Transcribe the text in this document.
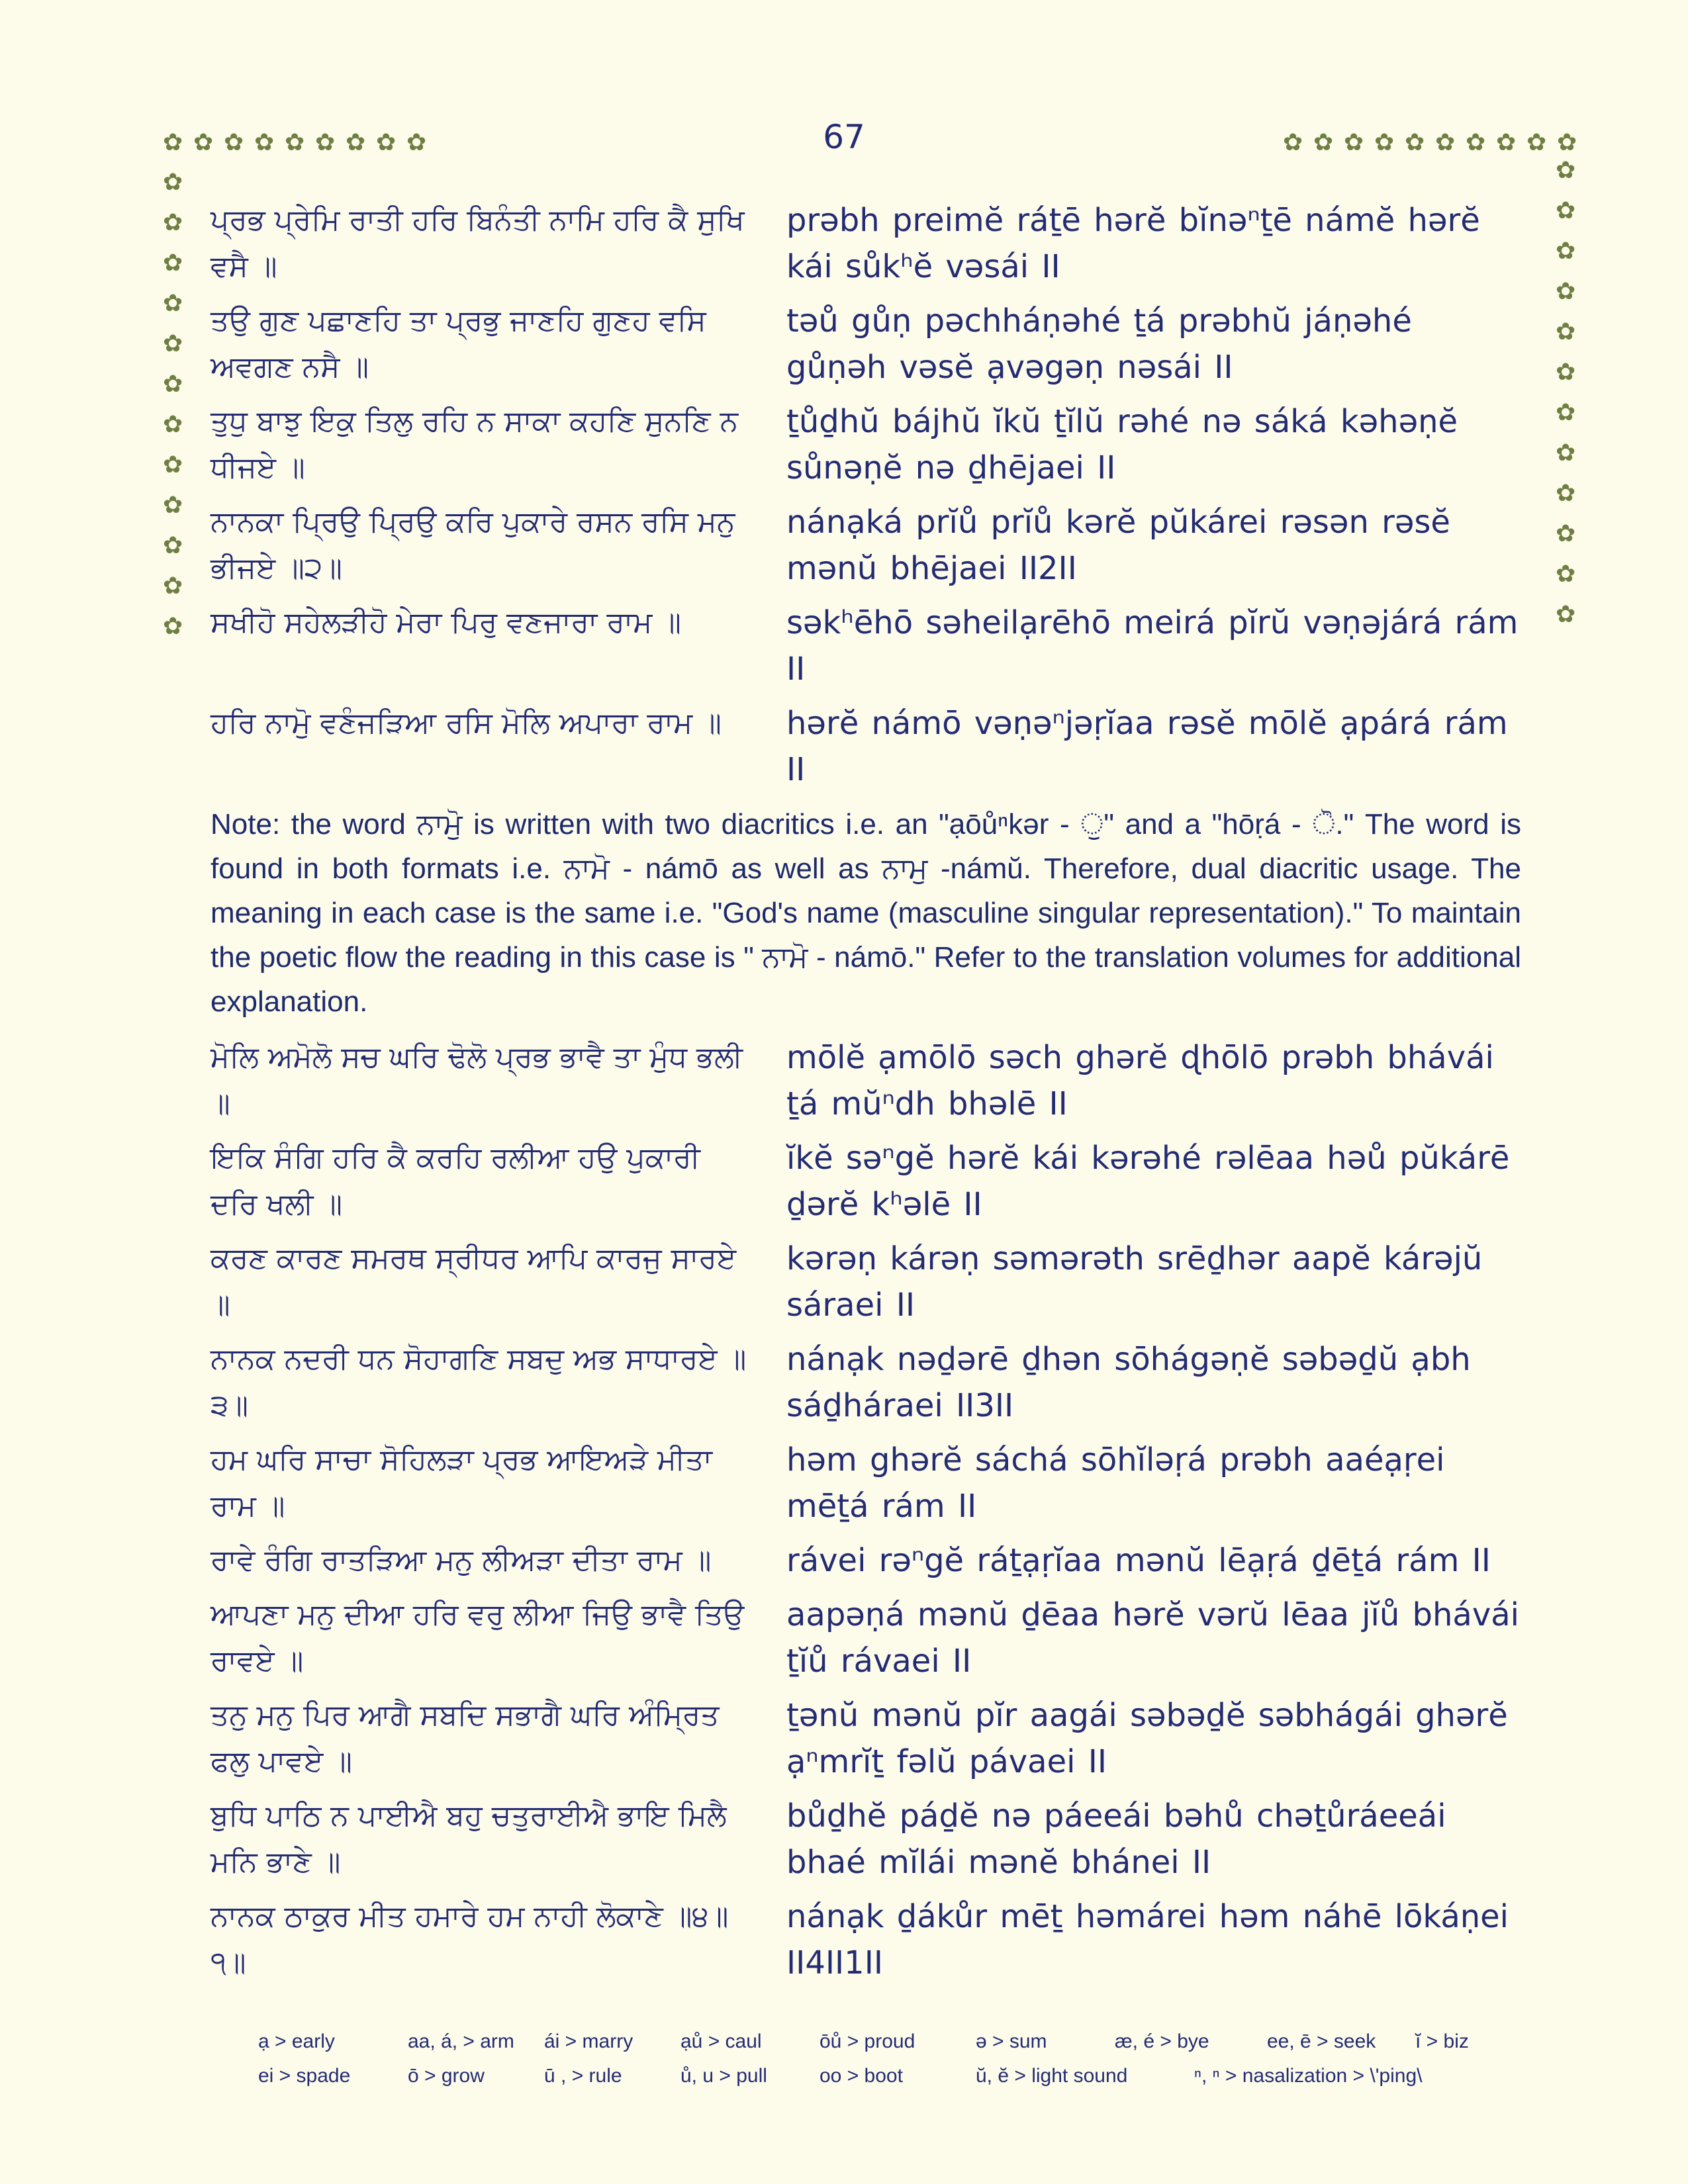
67
✿
✿
✿
✿
✿
✿
✿
✿
✿
✿
✿
✿
✿
✿
✿
✿
✿
✿
✿
✿
✿
✿
✿
✿
✿
✿
✿
✿
✿
✿
✿
✿
✿
✿
✿
✿
✿
✿
✿
✿
✿
✿
✿
ਪ੍ਰਭ ਪ੍ਰੇਮਿ ਰਾਤੀ ਹਰਿ ਬਿਨੰਤੀ ਨਾਮਿ ਹਰਿ ਕੈ ਸੁਖਿ ਵਸੈ ॥
prəbh preimĕ ráṯē hərĕ bĭnəⁿṯē námĕ hərĕ kái sůkʰĕ vəsái II
ਤਉ ਗੁਣ ਪਛਾਣਹਿ ਤਾ ਪ੍ਰਭੁ ਜਾਣਹਿ ਗੁਣਹ ਵਸਿ ਅਵਗਣ ਨਸੈ ॥
təů gůṇ pəchháṇəhé ṯá prəbhŭ jáṇəhé gůṇəh vəsĕ ạvəgəṇ nəsái II
ਤੁਧੁ ਬਾਝੁ ਇਕੁ ਤਿਲੁ ਰਹਿ ਨ ਸਾਕਾ ਕਹਣਿ ਸੁਨਣਿ ਨ ਧੀਜਏ ॥
ṯůḏhŭ bájhŭ ĭkŭ ṯĭlŭ rəhé nə sáká kəhəṇĕ sůnəṇĕ nə ḏhējaei II
ਨਾਨਕਾ ਪ੍ਰਿਉ ਪ੍ਰਿਉ ਕਰਿ ਪੁਕਾਰੇ ਰਸਨ ਰਸਿ ਮਨੁ ਭੀਜਏ ॥੨॥
nánạká prĭů prĭů kərĕ pŭkárei rəsən rəsĕ mənŭ bhējaei II2II
ਸਖੀਹੋ ਸਹੇਲੜੀਹੋ ਮੇਰਾ ਪਿਰੁ ਵਣਜਾਰਾ ਰਾਮ ॥	səkʰēhō səheilạrēhō meirá pĭrŭ vəṇəjárá rám II
ਹਰਿ ਨਾਮੋੁ ਵਣੰਜੜਿਆ ਰਸਿ ਮੋਲਿ ਅਪਾਰਾ ਰਾਮ ॥	hərĕ námō vəṇəⁿjəṛĭaa rəsĕ mōlĕ ạpárá rám II
Note: the word ਨਾਮੋੁ is written with two diacritics i.e. an "ạōůⁿkər - ੁ" and a "hōṛá - ੋ." The word is found in both formats i.e. ਨਾਮੋ - námō as well as ਨਾਮੁ -námŭ. Therefore, dual diacritic usage. The meaning in each case is the same i.e. "God's name (masculine singular representation)." To maintain the poetic flow the reading in this case is " ਨਾਮੋ - námō." Refer to the translation volumes for additional explanation.
ਮੋਲਿ ਅਮੋਲੋ ਸਚ ਘਰਿ ਢੋਲੋ ਪ੍ਰਭ ਭਾਵੈ ਤਾ ਮੁੰਧ ਭਲੀ ॥
mōlĕ ạmōlō səch ghərĕ ɖhōlō prəbh bhávái ṯá mŭⁿdh bhəlē II
ਇਕਿ ਸੰਗਿ ਹਰਿ ਕੈ ਕਰਹਿ ਰਲੀਆ ਹਉ ਪੁਕਾਰੀ ਦਰਿ ਖਲੀ ॥
ĭkĕ səⁿgĕ hərĕ kái kərəhé rəlēaa həů pŭkárē ḏərĕ kʰəlē II
ਕਰਣ ਕਾਰਣ ਸਮਰਥ ਸ੍ਰੀਧਰ ਆਪਿ ਕਾਰਜੁ ਸਾਰਏ ॥
kərəṇ kárəṇ səmərəth srēḏhər aapĕ kárəjŭ sáraei II
ਨਾਨਕ ਨਦਰੀ ਧਨ ਸੋਹਾਗਣਿ ਸਬਦੁ ਅਭ ਸਾਧਾਰਏ ॥੩॥
nánạk nəḏərē ḏhən sōhágəṇĕ səbəḏŭ ạbh sáḏháraei II3II
ਹਮ ਘਰਿ ਸਾਚਾ ਸੋਹਿਲੜਾ ਪ੍ਰਭ ਆਇਅੜੇ ਮੀਤਾ ਰਾਮ ॥
həm ghərĕ sáchá sōhĭləṛá prəbh aaéạṛei mēṯá rám II
ਰਾਵੇ ਰੰਗਿ ਰਾਤੜਿਆ ਮਨੁ ਲੀਅੜਾ ਦੀਤਾ ਰਾਮ ॥	rávei rəⁿgĕ ráṯạṛĭaa mənŭ lēạṛá ḏēṯá rám II
ਆਪਣਾ ਮਨੁ ਦੀਆ ਹਰਿ ਵਰੁ ਲੀਆ ਜਿਉ ਭਾਵੈ ਤਿਉ ਰਾਵਏ ॥
aapəṇá mənŭ ḏēaa hərĕ vərŭ lēaa jĭů bhávái ṯĭů rávaei II
ਤਨੁ ਮਨੁ ਪਿਰ ਆਗੈ ਸਬਦਿ ਸਭਾਗੈ ਘਰਿ ਅੰਮ੍ਰਿਤ ਫਲੁ ਪਾਵਏ ॥
ṯənŭ mənŭ pĭr aagái səbəḏĕ səbhágái ghərĕ ạⁿmrĭṯ fəlŭ pávaei II
ਬੁਧਿ ਪਾਠਿ ਨ ਪਾਈਐ ਬਹੁ ਚਤੁਰਾਈਐ ਭਾਇ ਮਿਲੈ ਮਨਿ ਭਾਣੇ ॥
bůḏhĕ páḏĕ nə páeeái bəhů chəṯůráeeái bhaé mĭlái mənĕ bhánei II
ਨਾਨਕ ਠਾਕੁਰ ਮੀਤ ਹਮਾਰੇ ਹਮ ਨਾਹੀ ਲੋਕਾਣੇ ॥੪॥੧॥
nánạk ḏákůr mēṯ həmárei həm náhē lōkáṇei II4II1II
ạ > early	aa, á, > arm	ái > marry	ạů > caul	ōů > proud	ə > sum	æ, é > bye	ee, ē > seek	ĭ > biz
ei > spade	ō > grow	ū , > rule	ů, u > pull	oo > boot	ŭ, ĕ > light sound	ⁿ, ⁿ > nasalization > \'ping\
